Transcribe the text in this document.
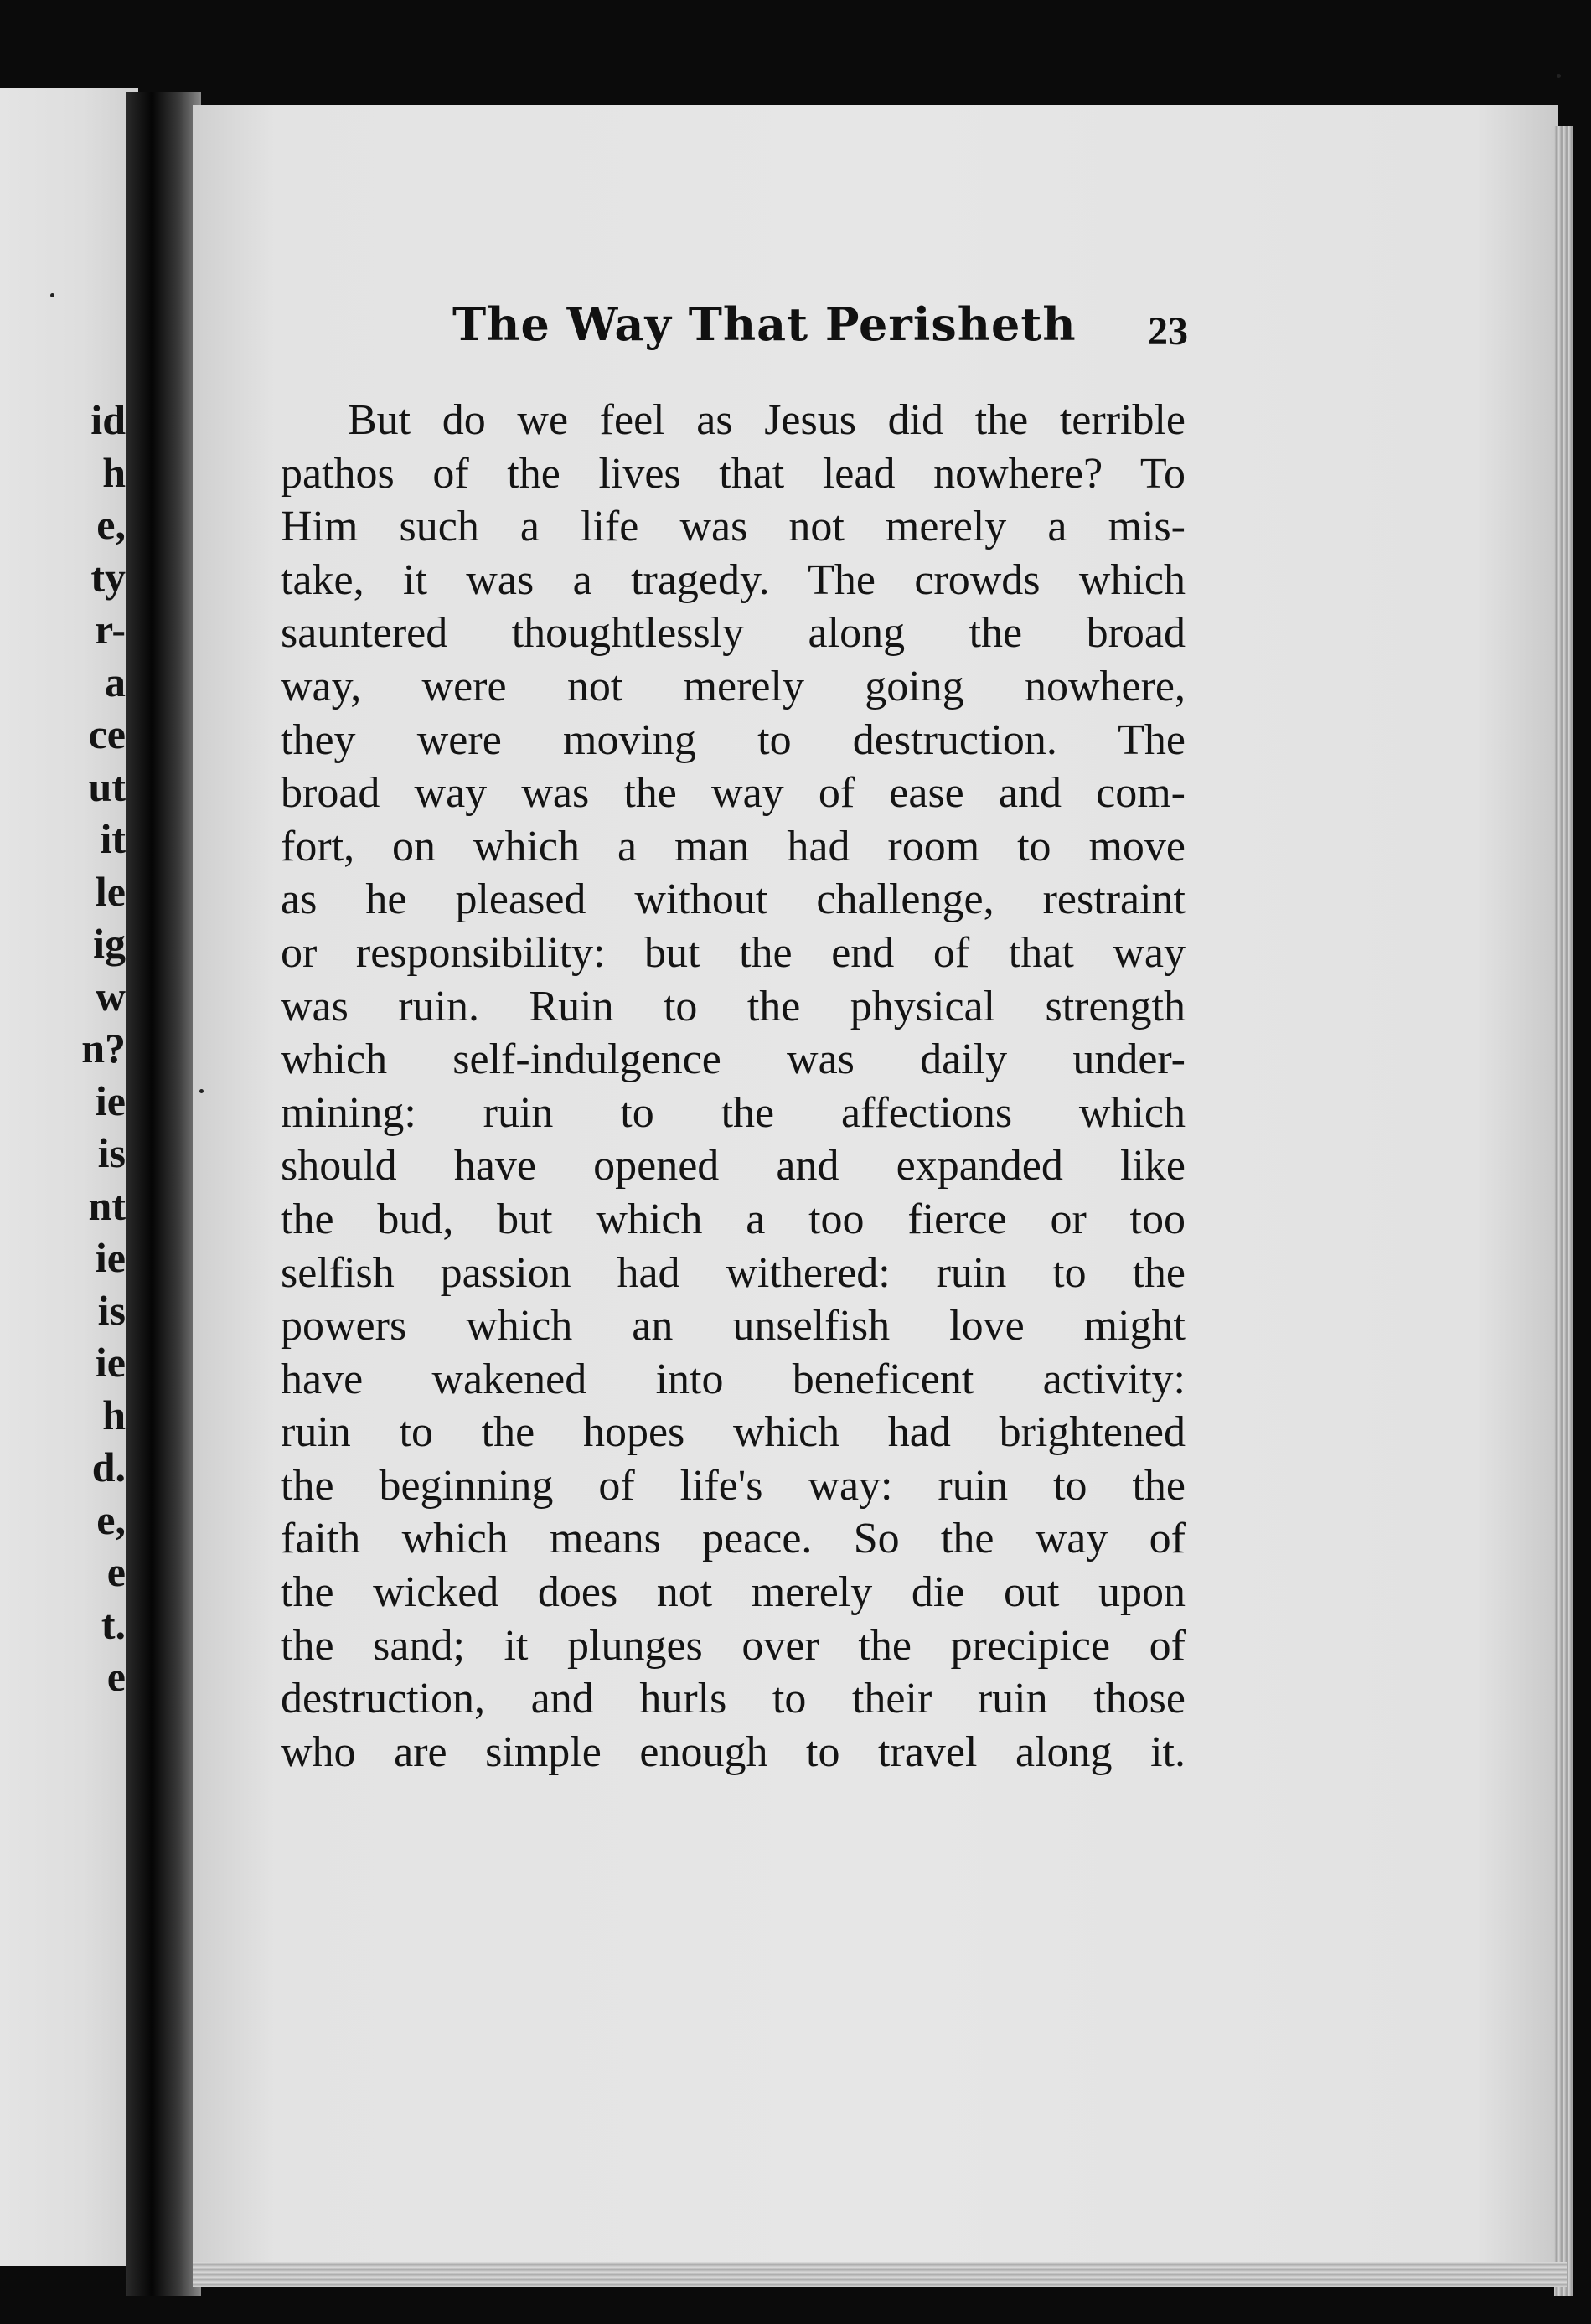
id
h
e,
ty
r-
a
ce
ut
it
le
ig
w
n?
ie
is
nt
ie
is
ie
h
d.
e,
e
t.
e
The Way That Perisheth 23
But do we feel as Jesus did the terrible
pathos of the lives that lead nowhere? To
Him such a life was not merely a mis-
take, it was a tragedy. The crowds which
sauntered thoughtlessly along the broad
way, were not merely going nowhere,
they were moving to destruction. The
broad way was the way of ease and com-
fort, on which a man had room to move
as he pleased without challenge, restraint
or responsibility: but the end of that way
was ruin. Ruin to the physical strength
which self-indulgence was daily under-
mining: ruin to the affections which
should have opened and expanded like
the bud, but which a too fierce or too
selfish passion had withered: ruin to the
powers which an unselfish love might
have wakened into beneficent activity:
ruin to the hopes which had brightened
the beginning of life's way: ruin to the
faith which means peace. So the way of
the wicked does not merely die out upon
the sand; it plunges over the precipice of
destruction, and hurls to their ruin those
who are simple enough to travel along it.
